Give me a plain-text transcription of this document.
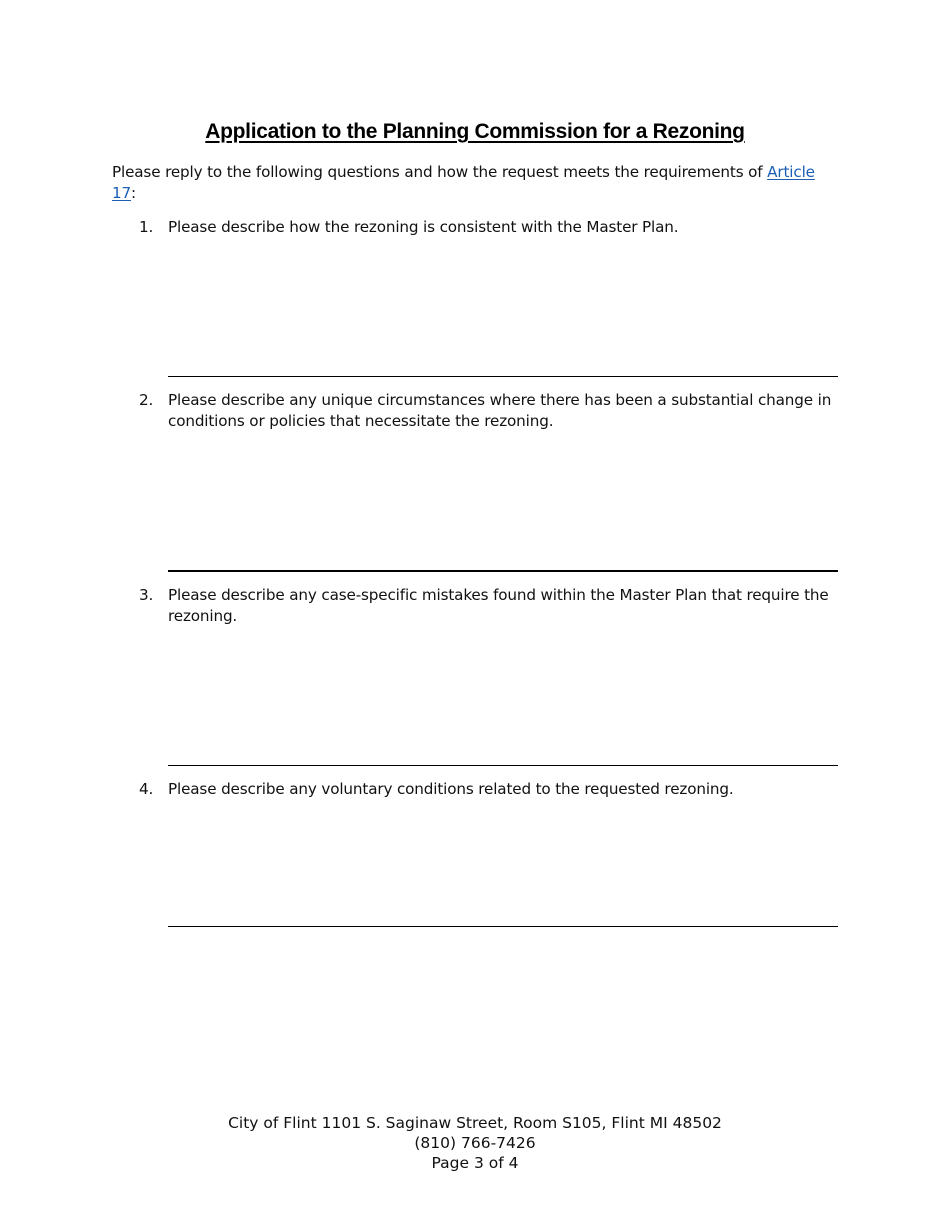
Application to the Planning Commission for a Rezoning
Please reply to the following questions and how the request meets the requirements of Article 17:
1. Please describe how the rezoning is consistent with the Master Plan.
2. Please describe any unique circumstances where there has been a substantial change in conditions or policies that necessitate the rezoning.
3. Please describe any case-specific mistakes found within the Master Plan that require the rezoning.
4. Please describe any voluntary conditions related to the requested rezoning.
City of Flint 1101 S. Saginaw Street, Room S105, Flint MI 48502
(810) 766-7426
Page 3 of 4
